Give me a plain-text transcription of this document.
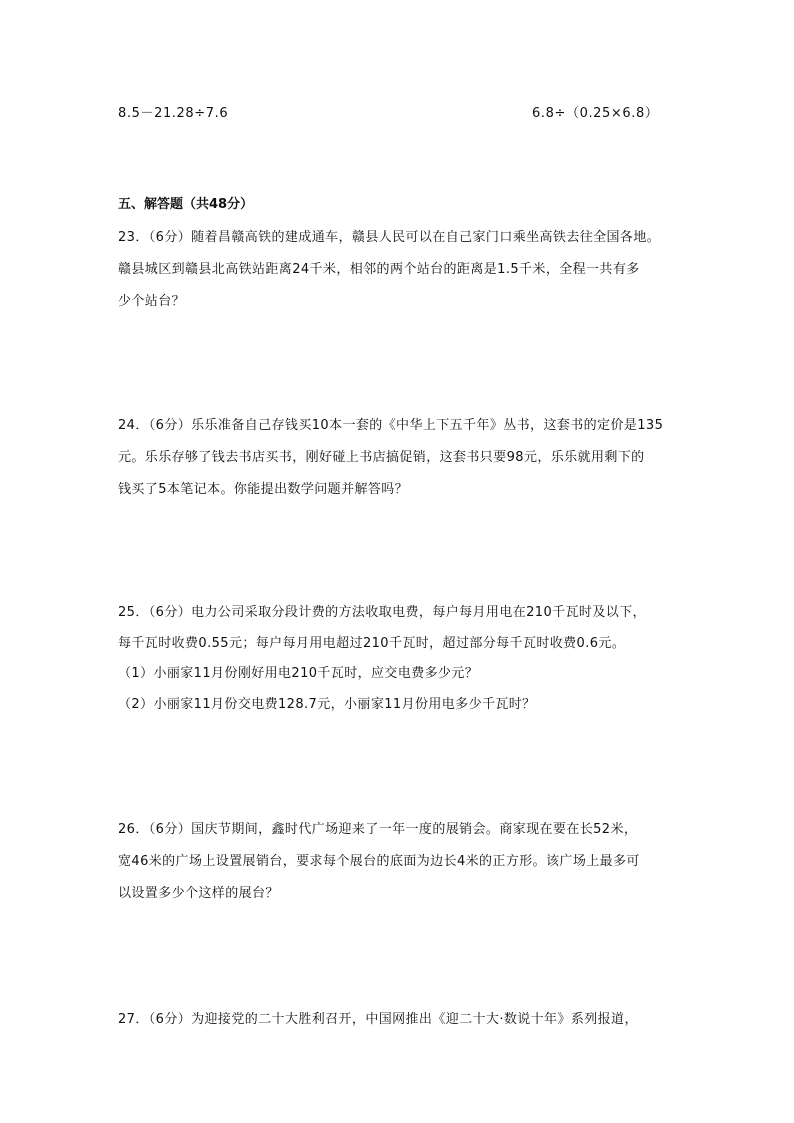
8.5－21.28÷7.6	6.8÷（0.25×6.8）
五、解答题（共48分）
23．（6分）随着昌赣高铁的建成通车，赣县人民可以在自己家门口乘坐高铁去往全国各地。
赣县城区到赣县北高铁站距离24千米，相邻的两个站台的距离是1.5千米，全程一共有多
少个站台？
24．（6分）乐乐准备自己存钱买10本一套的《中华上下五千年》丛书，这套书的定价是135
元。乐乐存够了钱去书店买书，刚好碰上书店搞促销，这套书只要98元，乐乐就用剩下的
钱买了5本笔记本。你能提出数学问题并解答吗？
25．（6分）电力公司采取分段计费的方法收取电费，每户每月用电在210千瓦时及以下，
每千瓦时收费0.55元；每户每月用电超过210千瓦时，超过部分每千瓦时收费0.6元。
（1）小丽家11月份刚好用电210千瓦时，应交电费多少元？
（2）小丽家11月份交电费128.7元，小丽家11月份用电多少千瓦时？
26．（6分）国庆节期间，鑫时代广场迎来了一年一度的展销会。商家现在要在长52米，
宽46米的广场上设置展销台，要求每个展台的底面为边长4米的正方形。该广场上最多可
以设置多少个这样的展台？
27．（6分）为迎接党的二十大胜利召开，中国网推出《迎二十大·数说十年》系列报道，
